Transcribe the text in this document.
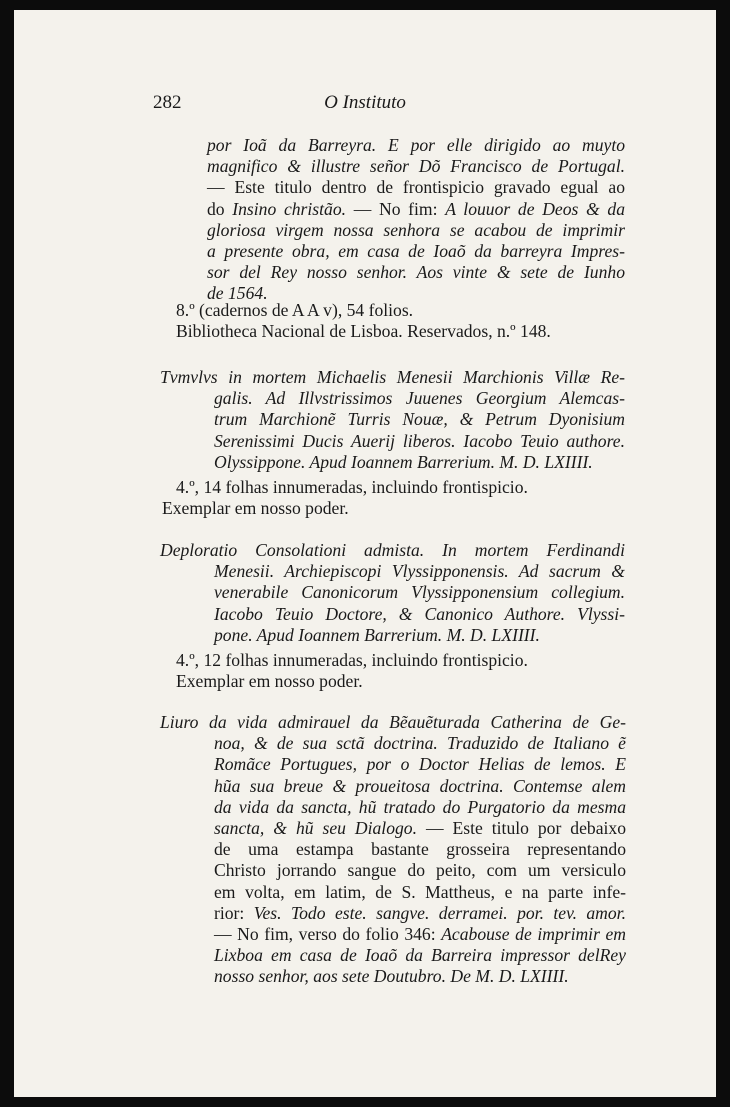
282	O Instituto
por Ioã da Barreyra. E por elle dirigido ao muyto
magnifico & illustre señor Dõ Francisco de Portugal.
— Este titulo dentro de frontispicio gravado egual ao
do Insino christão. — No fim: A louuor de Deos & da
gloriosa virgem nossa senhora se acabou de imprimir
a presente obra, em casa de Ioaõ da barreyra Impres-
sor del Rey nosso senhor. Aos vinte & sete de Iunho
de 1564.
8.º (cadernos de A A v), 54 folios.
Bibliotheca Nacional de Lisboa. Reservados, n.º 148.
Tvmvlvs in mortem Michaelis Menesii Marchionis Villæ Re-
galis. Ad Illvstrissimos Juuenes Georgium Alemcas-
trum Marchionẽ Turris Nouæ, & Petrum Dyonisium
Serenissimi Ducis Auerij liberos. Iacobo Teuio authore.
Olyssippone. Apud Ioannem Barrerium. M. D. LXIIII.
4.º, 14 folhas innumeradas, incluindo frontispicio.
Exemplar em nosso poder.
Deploratio Consolationi admista. In mortem Ferdinandi
Menesii. Archiepiscopi Vlyssipponensis. Ad sacrum &
venerabile Canonicorum Vlyssipponensium collegium.
Iacobo Teuio Doctore, & Canonico Authore. Vlyssi-
pone. Apud Ioannem Barrerium. M. D. LXIIII.
4.º, 12 folhas innumeradas, incluindo frontispicio.
Exemplar em nosso poder.
Liuro da vida admirauel da Bẽauẽturada Catherina de Ge-
noa, & de sua sctã doctrina. Traduzido de Italiano ẽ
Romãce Portugues, por o Doctor Helias de lemos. E
hũa sua breue & proueitosa doctrina. Contemse alem
da vida da sancta, hũ tratado do Purgatorio da mesma
sancta, & hũ seu Dialogo. — Este titulo por debaixo
de uma estampa bastante grosseira representando
Christo jorrando sangue do peito, com um versiculo
em volta, em latim, de S. Mattheus, e na parte infe-
rior: Ves. Todo este. sangve. derramei. por. tev. amor.
— No fim, verso do folio 346: Acabouse de imprimir em
Lixboa em casa de Ioaõ da Barreira impressor delRey
nosso senhor, aos sete Doutubro. De M. D. LXIIII.
